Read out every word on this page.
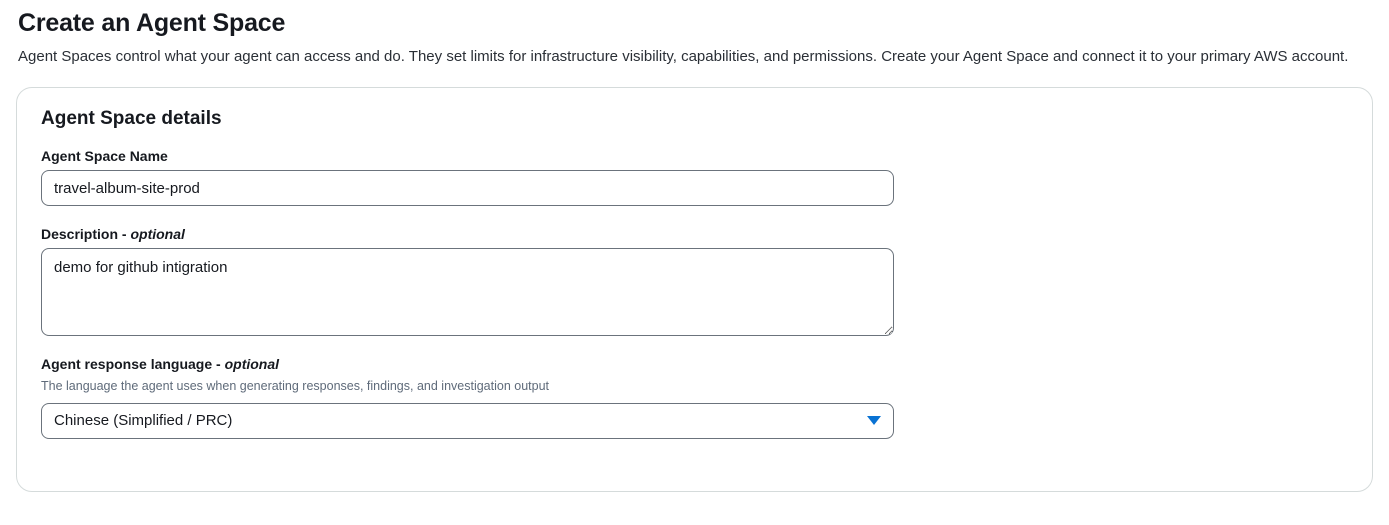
Create an Agent Space

Agent Spaces control what your agent can access and do. They set limits for infrastructure visibility, capabilities, and permissions. Create your Agent Space and connect it to your primary AWS account.

Agent Space details
Agent Space Name
travel-album-site-prod
Description - optional
demo for github intigration
Agent response language - optional

The language the agent uses when generating responses, findings, and investigation output

Chinese (Simplified / PRC)
